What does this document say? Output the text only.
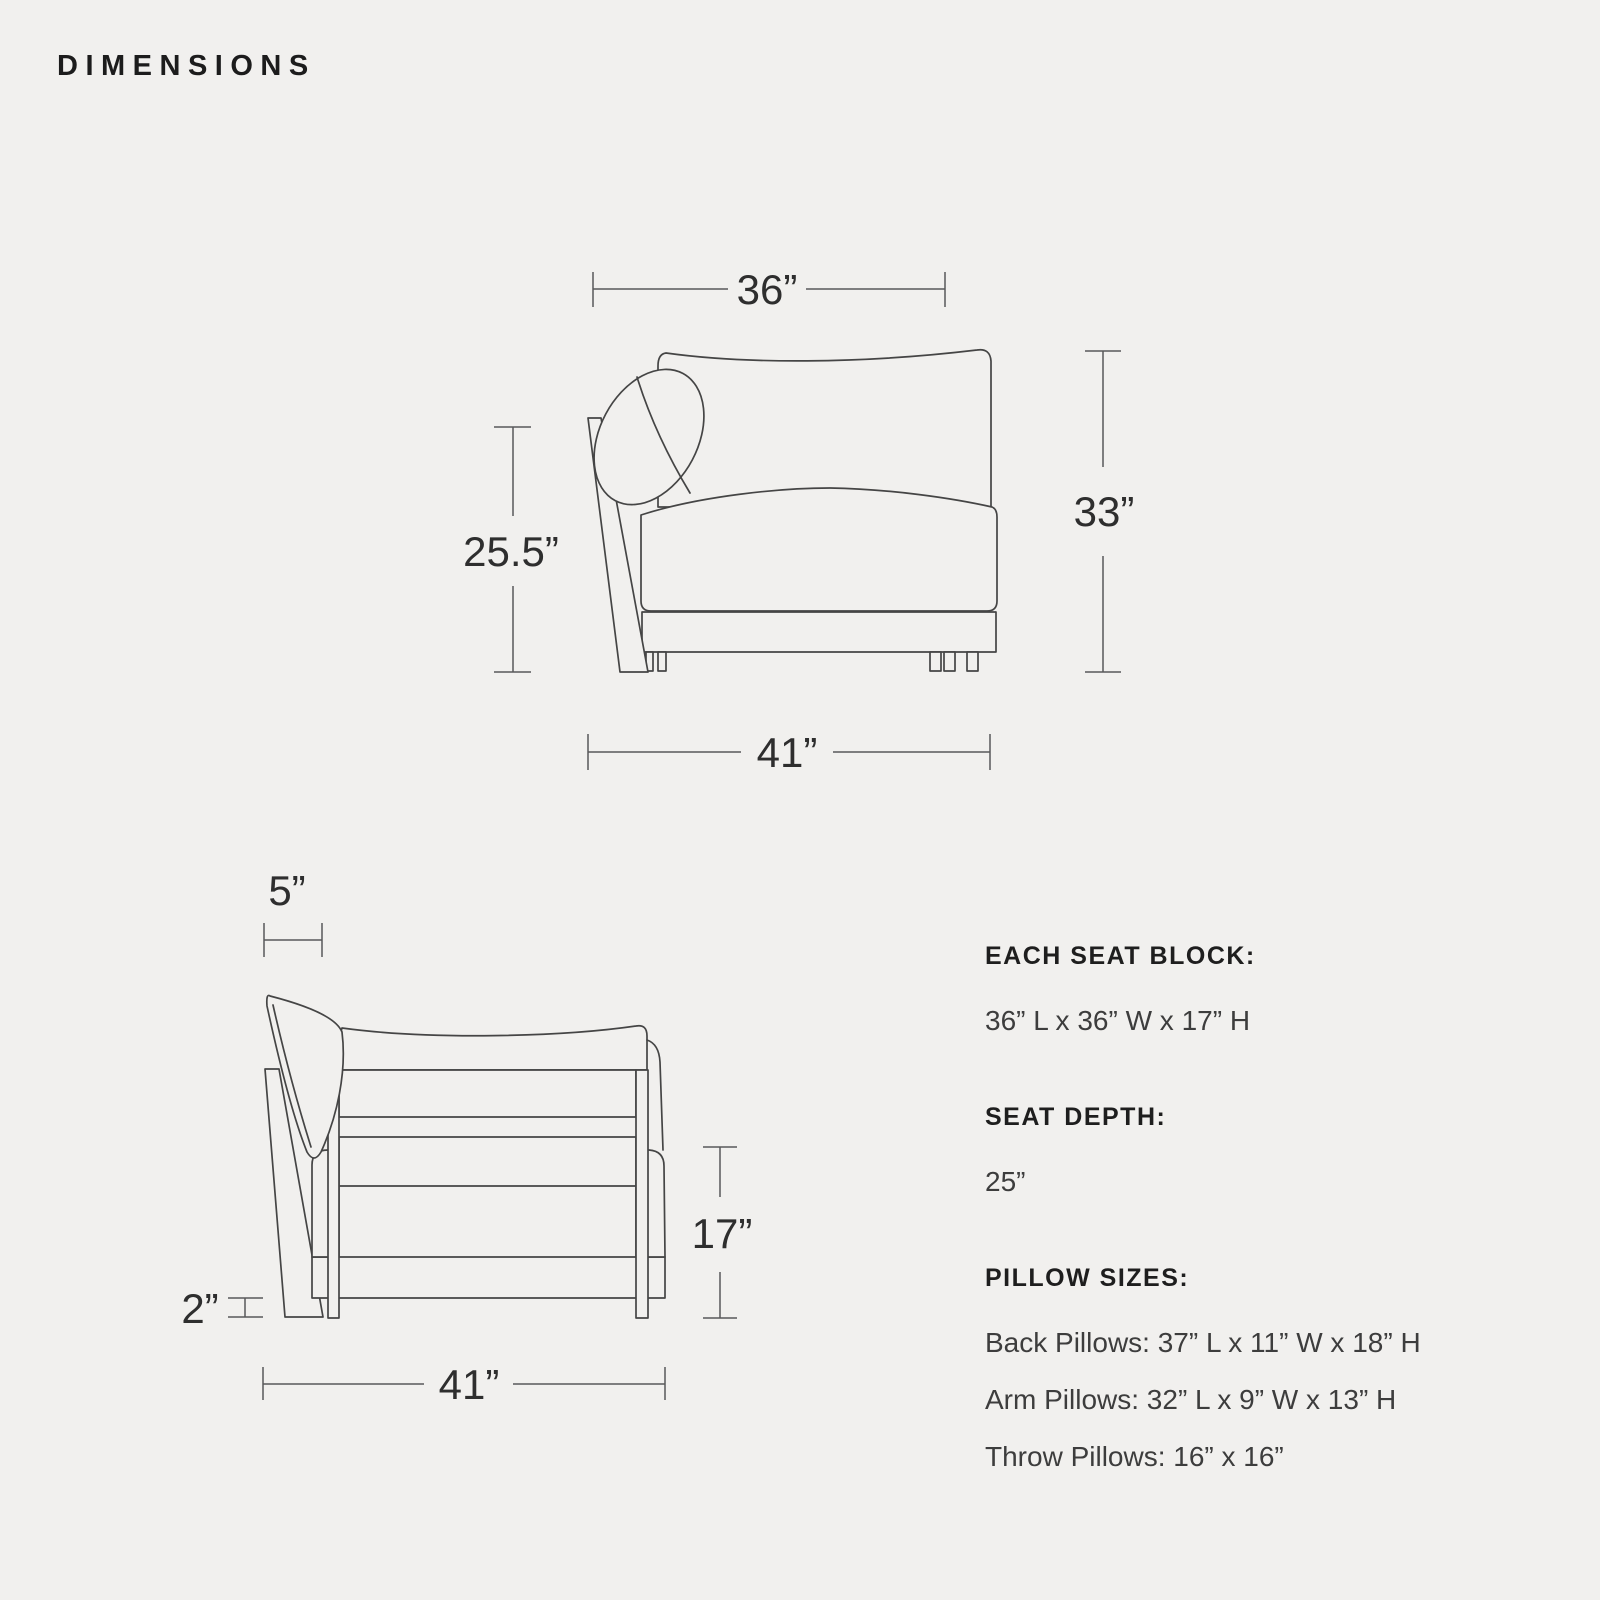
DIMENSIONS
36”
33”
25.5”
41”
5”
2”
17”
41”

EACH SEAT BLOCK:

36” L x 36” W x 17” H

SEAT DEPTH:

25”

PILLOW SIZES:

Back Pillows: 37” L x 11” W x 18” H

Arm Pillows: 32” L x 9” W x 13” H

Throw Pillows: 16” x 16”
